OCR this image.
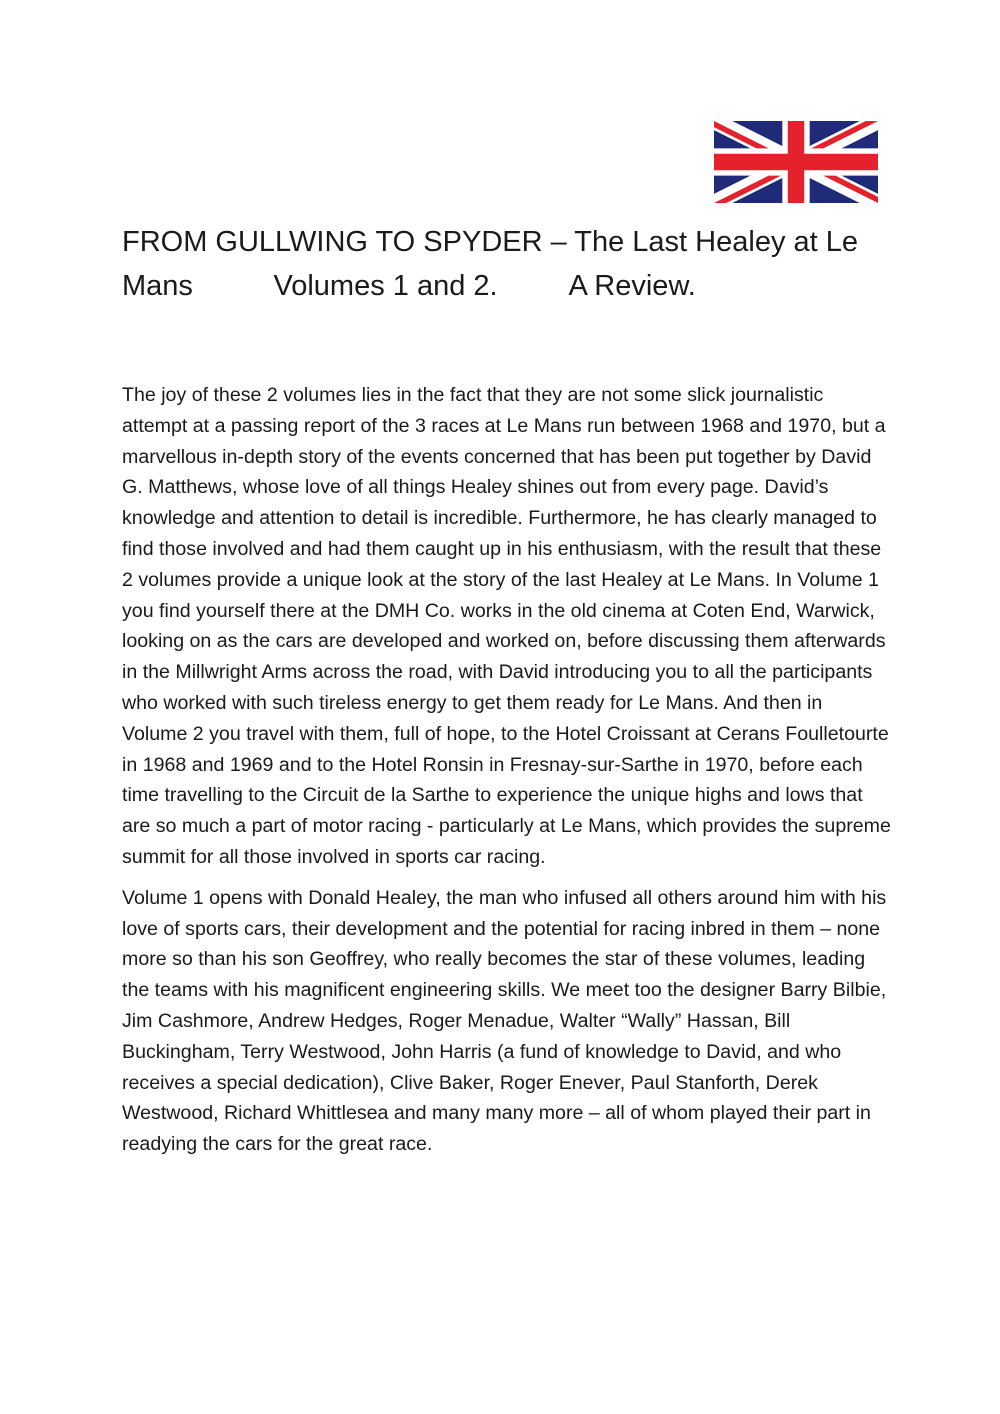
FROM GULLWING TO SPYDER – The Last Healey at Le
Mans          Volumes 1 and 2.         A Review.

The joy of these 2 volumes lies in the fact that they are not some slick journalistic attempt at a passing report of the 3 races at Le Mans run between 1968 and 1970, but a marvellous in-depth story of the events concerned that has been put together by David G. Matthews, whose love of all things Healey shines out from every page. David’s knowledge and attention to detail is incredible. Furthermore, he has clearly managed to find those involved and had them caught up in his enthusiasm, with the result that these 2 volumes provide a unique look at the story of the last Healey at Le Mans. In Volume 1 you find yourself there at the DMH Co. works in the old cinema at Coten End, Warwick, looking on as the cars are developed and worked on, before discussing them afterwards in the Millwright Arms across the road, with David introducing you to all the participants who worked with such tireless energy to get them ready for Le Mans. And then in Volume 2 you travel with them, full of hope, to the Hotel Croissant at Cerans Foulletourte in 1968 and 1969 and to the Hotel Ronsin in Fresnay-sur-Sarthe in 1970, before each time travelling to the Circuit de la Sarthe to experience the unique highs and lows that are so much a part of motor racing - particularly at Le Mans, which provides the supreme summit for all those involved in sports car racing.

Volume 1 opens with Donald Healey, the man who infused all others around him with his love of sports cars, their development and the potential for racing inbred in them – none more so than his son Geoffrey, who really becomes the star of these volumes, leading the teams with his magnificent engineering skills. We meet too the designer Barry Bilbie, Jim Cashmore, Andrew Hedges, Roger Menadue, Walter “Wally” Hassan, Bill Buckingham, Terry Westwood, John Harris (a fund of knowledge to David, and who receives a special dedication), Clive Baker, Roger Enever, Paul Stanforth, Derek Westwood, Richard Whittlesea and many many more – all of whom played their part in readying the cars for the great race.
